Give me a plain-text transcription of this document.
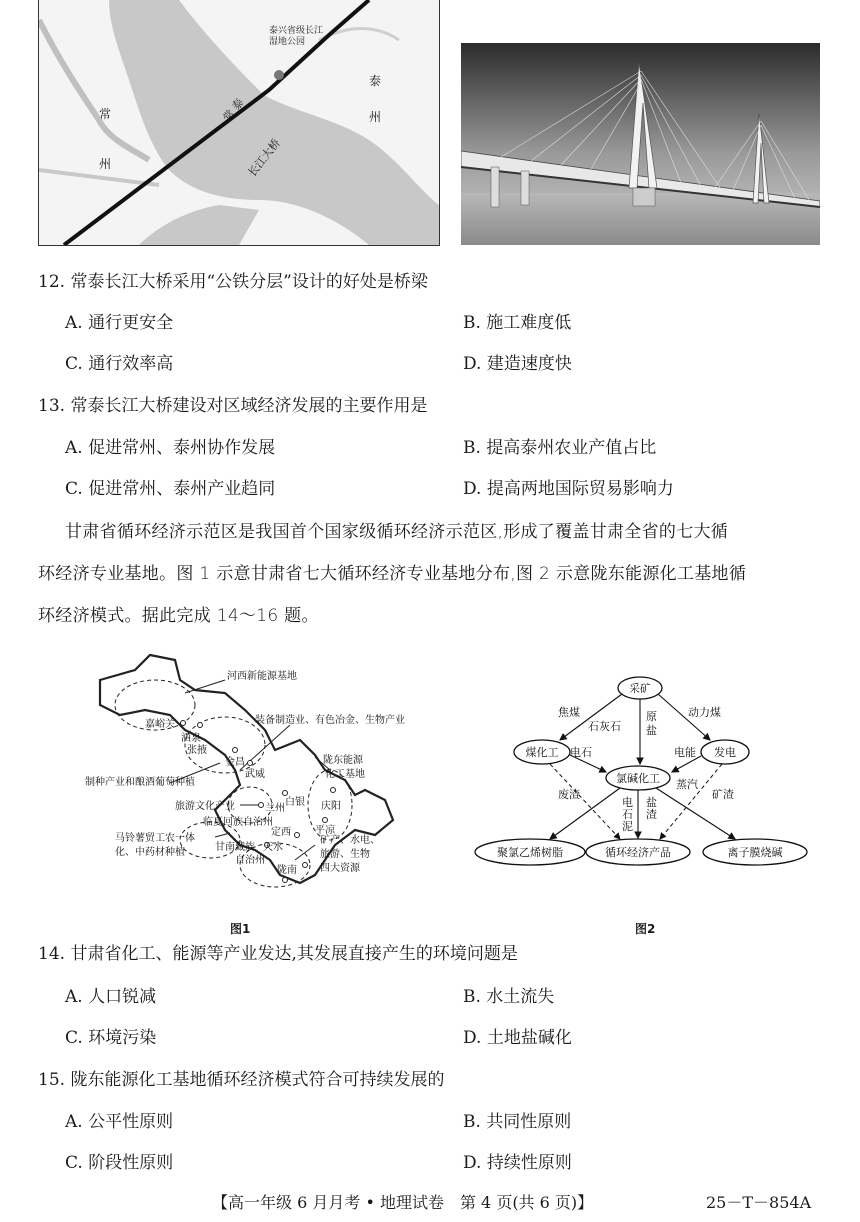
泰兴省级长江
湿地公园
常
州
泰
州
常 泰
长江大桥
12. 常泰长江大桥采用“公铁分层”设计的好处是桥梁
A. 通行更安全	B. 施工难度低
C. 通行效率高	D. 建造速度快
13. 常泰长江大桥建设对区域经济发展的主要作用是
A. 促进常州、泰州协作发展	B. 提高泰州农业产值占比
C. 促进常州、泰州产业趋同	D. 提高两地国际贸易影响力
甘肃省循环经济示范区是我国首个国家级循环经济示范区,形成了覆盖甘肃全省的七大循
环经济专业基地。图 1 示意甘肃省七大循环经济专业基地分布,图 2 示意陇东能源化工基地循
环经济模式。据此完成 14～16 题。
河西新能源基地
装备制造业、有色冶金、生物产业
嘉峪关
酒泉
张掖
金昌
武威
制种产业和酿酒葡萄种植
陇东能源
化工基地
旅游文化产业	兰州
白银 庆阳
平凉
临夏回族自治州
定西
马铃薯贸工农一体
化、中药材种植	甘南藏族
自治州
天水
陇南
矿产、水电、
旅游、生物
四大资源
图1
采矿
煤化工	发电
氯碱化工
聚氯乙烯树脂	循环经济产品	离子膜烧碱
焦煤
石灰石
原
盐
动力煤
电石	电能
废渣
蒸汽
矿渣
电
石
泥
盐
渣
图2
14. 甘肃省化工、能源等产业发达,其发展直接产生的环境问题是
A. 人口锐减	B. 水土流失
C. 环境污染	D. 土地盐碱化
15. 陇东能源化工基地循环经济模式符合可持续发展的
A. 公平性原则	B. 共同性原则
C. 阶段性原则	D. 持续性原则
【高一年级 6 月月考 • 地理试卷　第 4 页(共 6 页)】	25－T－854A
